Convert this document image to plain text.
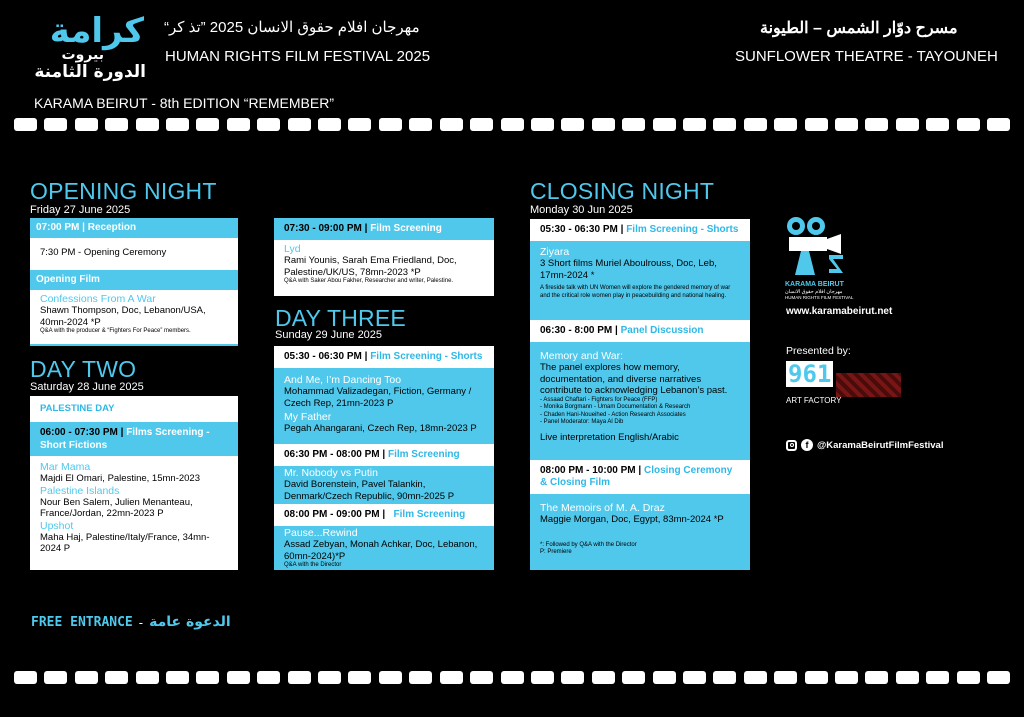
كرامة
بيروت
الدورة الثامنة
KARAMA BEIRUT - 8th EDITION “REMEMBER”
مهرجان افلام حقوق الانسان 2025 ”تذ كر“
HUMAN RIGHTS FILM FESTIVAL 2025
مسرح دوّار الشمس – الطيونة
SUNFLOWER THEATRE - TAYOUNEH
OPENING NIGHT
Friday 27 June 2025
07:00 PM | Reception
7:30 PM - Opening Ceremony
Opening Film
Confessions From A War
Shawn Thompson, Doc, Lebanon/USA, 40mn-2024 *P
Q&A with the producer & “Fighters For Peace” members.
DAY TWO
Saturday 28 June 2025
PALESTINE DAY
06:00 - 07:30 PM | Films Screening - Short Fictions
Mar Mama
Majdi El Omari, Palestine, 15mn-2023
Palestine Islands
Nour Ben Salem, Julien Menanteau, France/Jordan, 22mn-2023 P
Upshot
Maha Haj, Palestine/Italy/France, 34mn-2024 P
07:30 - 09:00 PM | Film Screening
Lyd
Rami Younis, Sarah Ema Friedland, Doc, Palestine/UK/US, 78mn-2023 *P
Q&A with Saker Abou Fakher, Researcher and writer, Palestine.
DAY THREE
Sunday 29 June 2025
05:30 - 06:30 PM | Film Screening - Shorts
And Me, I’m Dancing Too
Mohammad Valizadegan, Fiction, Germany / Czech Rep, 21mn-2023 P
My Father
Pegah Ahangarani, Czech Rep, 18mn-2023 P
06:30 PM - 08:00 PM | Film Screening
Mr. Nobody vs Putin
David Borenstein, Pavel Talankin, Denmark/Czech Republic, 90mn-2025 P
08:00 PM - 09:00 PM |   Film Screening
Pause...Rewind
Assad Zebyan, Monah Achkar, Doc, Lebanon, 60mn-2024)*P
Q&A with the Director
CLOSING NIGHT
Monday 30 Jun 2025
05:30 - 06:30 PM | Film Screening - Shorts
Ziyara
3 Short films Muriel Aboulrouss, Doc, Leb, 17mn-2024 *
A fireside talk with UN Women will explore the gendered memory of war and the critical role women play in peacebuilding and national healing.
06:30 - 8:00 PM | Panel Discussion
Memory and War:
The panel explores how memory, documentation, and diverse narratives contribute to acknowledging Lebanon’s past.
- Assaad Chaftari - Fighters for Peace (FFP)
- Monika Borgmann - Umam Documentation & Research
- Chaden Hani-Noueihed - Action Research Associates
- Panel Moderator: Maya Al Dib
Live interpretation English/Arabic
08:00 PM - 10:00 PM | Closing Ceremony & Closing Film
The Memoirs of M. A. Draz
Maggie Morgan, Doc, Egypt, 83mn-2024 *P
*: Followed by Q&A with the Director
P: Premiere
KARAMA BEIRUT
مهرجان افلام حقوق الانسان
HUMAN RIGHTS FILM FESTIVAL
www.karamabeirut.net
Presented by:
961
ART FACTORY
f @KaramaBeirutFilmFestival
FREE ENTRANCE - الدعوة عامة
